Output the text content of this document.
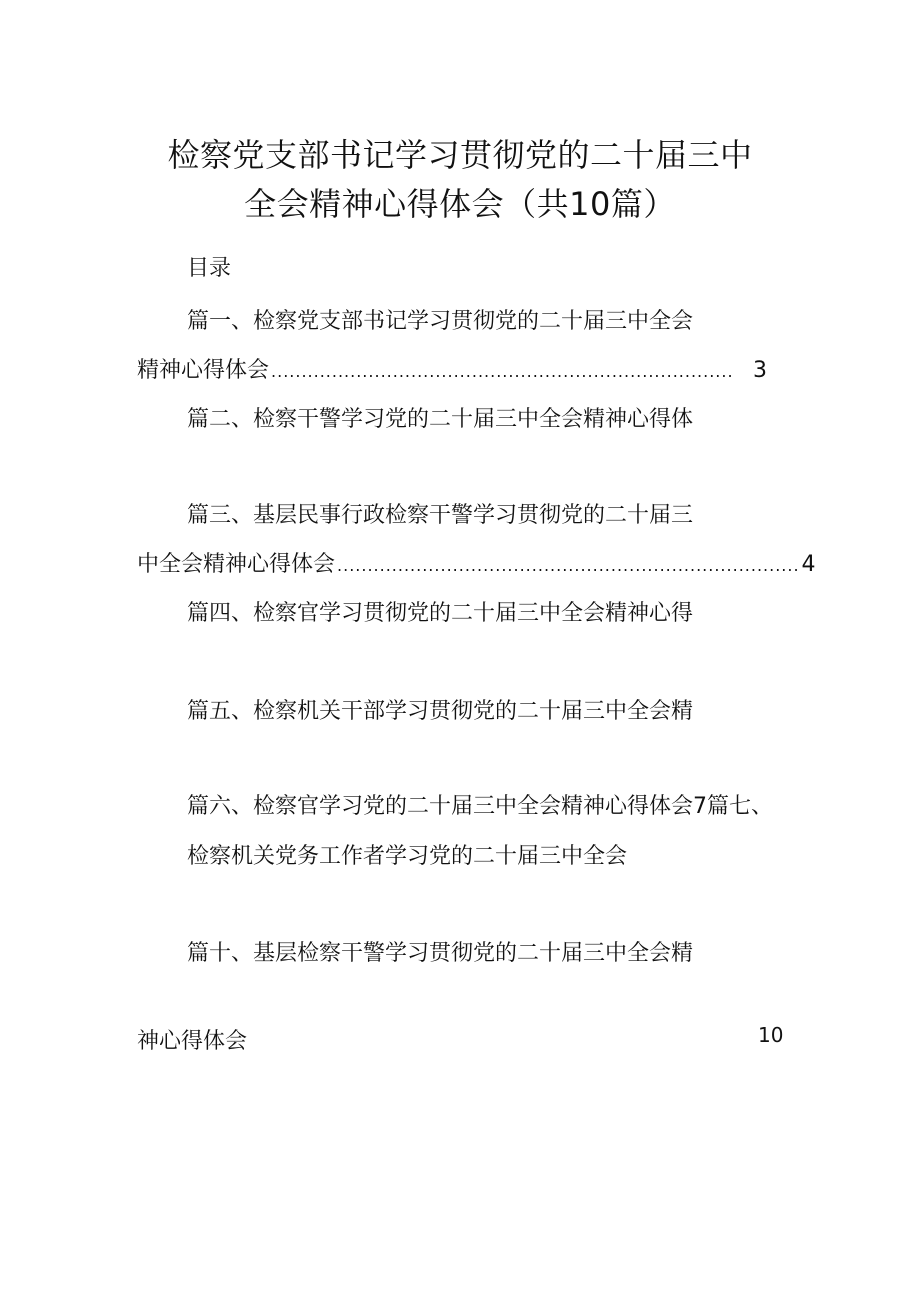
检察党支部书记学习贯彻党的二十届三中
全会精神心得体会（共10篇）
目录
篇一、检察党支部书记学习贯彻党的二十届三中全会
精神心得体会 ............................................................................ 3
篇二、检察干警学习党的二十届三中全会精神心得体
篇三、基层民事行政检察干警学习贯彻党的二十届三
中全会精神心得体会 ............................................................................ 4
篇四、检察官学习贯彻党的二十届三中全会精神心得
篇五、检察机关干部学习贯彻党的二十届三中全会精
篇六、检察官学习党的二十届三中全会精神心得体会7篇七、
检察机关党务工作者学习党的二十届三中全会
篇十、基层检察干警学习贯彻党的二十届三中全会精
神心得体会	10
